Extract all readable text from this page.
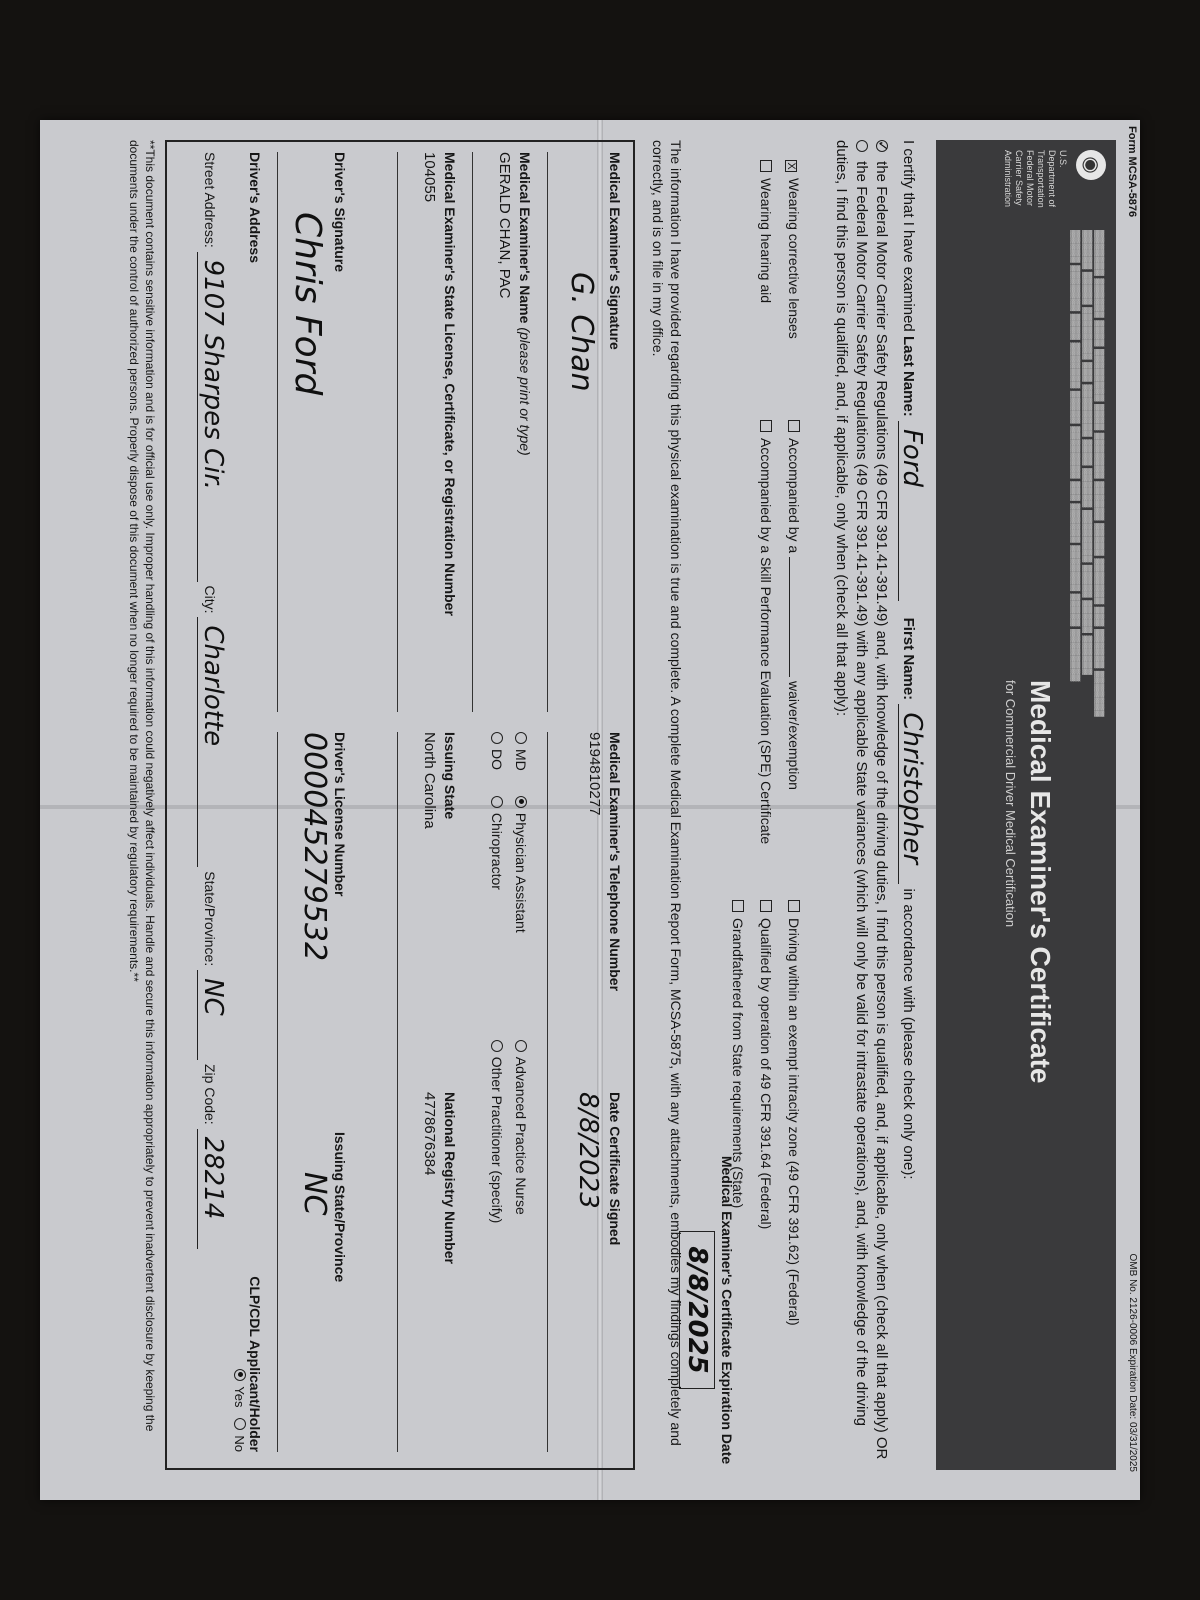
Form MCSA-5876
OMB No. 2126-0006 Expiration Date: 03/31/2025
◉
U.S. Department of Transportation Federal Motor Carrier Safety Administration
▓▓▓▓▓▓▓ ▓▓▓▓▓▓ ▓▓▓▓ ▓▓▓▓▓▓▓▓ ▓▓▓▓ ▓▓▓▓▓▓▓ ▓▓▓▓▓▓ ▓▓▓▓▓ ▓▓▓▓▓▓▓ ▓▓▓ ▓▓▓▓▓▓ ▓▓▓▓▓▓▓
▓▓▓▓▓▓ ▓▓▓▓▓ ▓▓▓▓▓▓▓▓ ▓▓▓ ▓▓▓▓▓▓▓▓ ▓▓▓▓ ▓▓▓▓▓▓ ▓▓▓▓▓▓▓▓ ▓▓▓▓▓ ▓▓▓▓▓ ▓▓▓▓▓▓
▓▓▓▓▓ ▓▓▓▓▓▓▓ ▓▓▓▓ ▓▓▓▓▓▓▓ ▓▓▓▓▓ ▓▓▓▓▓▓▓▓ ▓▓▓ ▓▓▓▓▓▓ ▓▓▓▓▓▓▓ ▓▓▓▓▓ ▓▓▓▓▓▓▓▓
Medical Examiner's Certificate
for Commercial Driver Medical Certification
I certify that I have examined Last Name: Ford    First Name: Christopher in accordance with (please check only one):
✓
the Federal Motor Carrier Safety Regulations (49 CFR 391.41-391.49) and, with knowledge of the driving duties, I find this person is qualified, and, if applicable, only when (check all that apply) OR
the Federal Motor Carrier Safety Regulations (49 CFR 391.41-391.49) with any applicable State variances (which will only be valid for intrastate operations), and, with knowledge of the driving duties, I find this person is qualified, and, if applicable, only when (check all that apply):
XWearing corrective lenses
Wearing hearing aid
Accompanied by a  waiver/exemption
Accompanied by a Skill Performance Evaluation (SPE) Certificate
Driving within an exempt intracity zone (49 CFR 391.62) (Federal)
Qualified by operation of 49 CFR 391.64 (Federal)
Grandfathered from State requirements (State)
Medical Examiner's Certificate Expiration Date
8/8/2025
The information I have provided regarding this physical examination is true and complete. A complete Medical Examination Report Form, MCSA-5875, with any attachments, embodies my findings completely and correctly, and is on file in my office.
Medical Examiner's Signature
G. Chan
Medical Examiner's Telephone Number
9194810277
Date Certificate Signed
8/8/2023
Medical Examiner's Name (please print or type)
GERALD CHAN, PAC
MD Physician Assistant Advanced Practice Nurse
DO Chiropractor Other Practitioner (specify)
Medical Examiner's State License, Certificate, or Registration Number
104055
Issuing State
North Carolina
National Registry Number
4778676384
Driver's Signature
Chris Ford
Driver's License Number
000045279532
Issuing State/Province
NC
Driver's Address
CLP/CDL Applicant/Holder
Yes   No
Street Address: 9107 Sharpes Cir. City: Charlotte State/Province: NC Zip Code: 28214
**This document contains sensitive information and is for official use only. Improper handling of this information could negatively affect individuals. Handle and secure this information appropriately to prevent inadvertent disclosure by keeping the documents under the control of authorized persons. Properly dispose of this document when no longer required to be maintained by regulatory requirements.**
